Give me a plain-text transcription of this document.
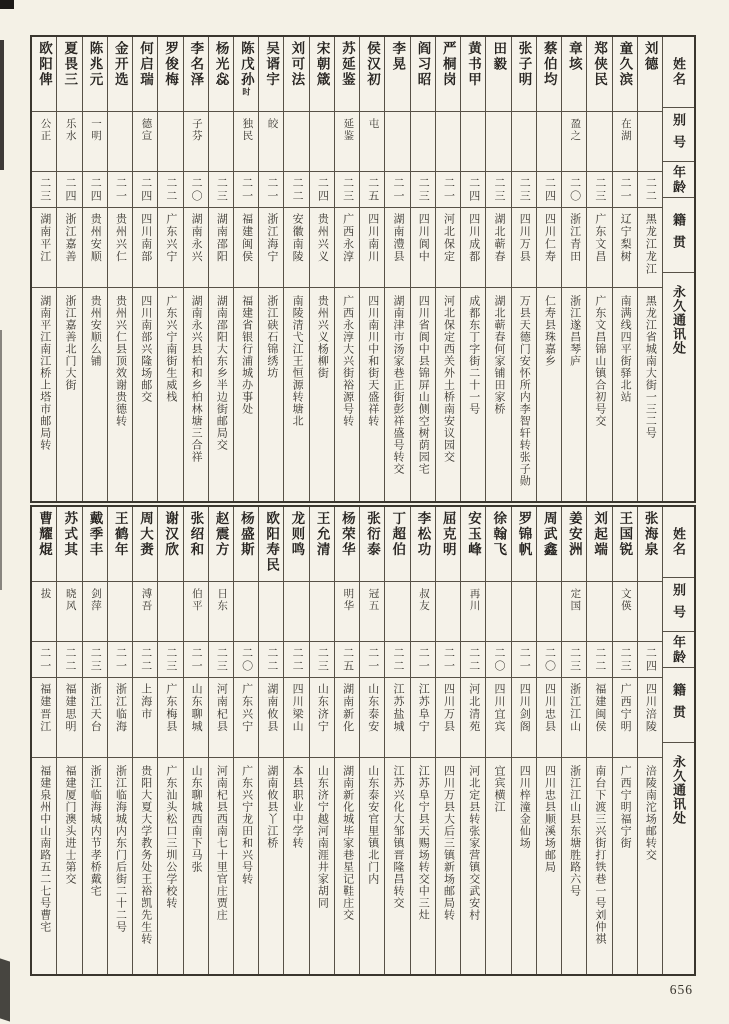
姓名
别号
年龄
籍贯
永久通讯处
刘德
二二
黑龙江龙江
黑龙江省城南大街一三二号
童久滨
在湖
二一
辽宁梨树
南满线四平街驿北站
郑侠民
二三
广东文昌
广东文昌锦山镇合初号交
章垓
盈之
二〇
浙江青田
浙江遂昌琴庐
蔡伯均
二四
四川仁寿
仁寿县珠嘉乡
张子明
二三
四川万县
万县天德门安怀所内李智轩转张子勋
田毅
二三
湖北蕲春
湖北蕲春何家铺田家桥
黄书甲
二四
四川成都
成都东丁字街二十一号
严桐岗
二一
河北保定
河北保定西关外土桥南安议园交
阎习昭
二三
四川阆中
四川省阆中县锦屏山侧空树荫园宅
李晃
二一
湖南澧县
湖南津市汤家巷正街彭祥盛号转交
侯汉初
屯
二五
四川南川
四川南川中和街天盛祥转
苏延鉴
延鉴
二三
广西永淳
广西永淳大兴街裕源号转
宋朝箴
二四
贵州兴义
贵州兴义杨柳街
刘可法
二二
安徽南陵
南陵清弋江王恒源转塘北
吴谞宇
皎
二一
浙江海宁
浙江硖石锦绣坊
陈戊孙时
独民
二一
福建闽侯
福建省银行浦城办事处
杨光惢
二三
湖南邵阳
湖南邵阳大东乡半边街邮局交
李名泽
子芬
二〇
湖南永兴
湖南永兴县柏和乡柏林塘三合祥
罗俊梅
二二
广东兴宁
广东兴宁南街生威栈
何启瑞
德宣
二四
四川南部
四川南部兴隆场邮交
金开选
二一
贵州兴仁
贵州兴仁县顶效谢贵德转
陈兆元
一明
二四
贵州安顺
贵州安顺么铺
夏畏三
乐水
二四
浙江嘉善
浙江嘉善北门大街
欧阳俾
公正
二三
湖南平江
湖南平江南江桥上塔市邮局转
姓名
别号
年龄
籍贯
永久通讯处
张海泉
二四
四川涪陵
涪陵南沱场邮转交
王国锐
文偀
二三
广西宁明
广西宁明福宁街
刘起端
二二
福建闽侯
南台下渡三兴街打铁巷一号刘仲祺
姜安洲
定国
二三
浙江江山
浙江江山县东塘胜路六号
周武鑫
二〇
四川忠县
四川忠县顺溪场邮局
罗锦帆
二一
四川剑阁
四川梓潼金仙场
徐翰飞
二〇
四川宜宾
宜宾横江
安玉峰
再川
二二
河北清苑
河北定县转张家营镇交武安村
屈克明
二一
四川万县
四川万县大后三镇新场邮局转
李松功
叔友
二一
江苏阜宁
江苏阜宁县天赐场转交中三灶
丁超伯
二二
江苏盐城
江苏兴化大邹镇晋隆昌转交
张衍泰
冠五
二一
山东泰安
山东泰安官里镇北门内
杨荣华
明华
二五
湖南新化
湖南新化城毕家巷星记鞋庄交
王允清
二三
山东济宁
山东济宁越河南涯井家胡同
龙则鸣
二二
四川梁山
本县职业中学转
欧阳寿民
二二
湖南攸县
湖南攸县丫江桥
杨盛斯
二〇
广东兴宁
广东兴宁龙田和兴号转
赵震方
日东
二三
河南杞县
河南杞县西南七十里官庄贾庄
张绍和
伯平
二一
山东聊城
山东聊城西南下马张
谢汉欣
二三
广东梅县
广东汕头松口三圳公学校转
周大赉
溥吾
二二
上海市
贵阳大夏大学教务处王裕凯先生转
王鹤年
二一
浙江临海
浙江临海城内东门后街二十二号
戴季丰
剑萍
二三
浙江天台
浙江临海城内节孝桥戴宅
苏式其
晓风
二二
福建思明
福建厦门澳头进士第交
曹耀焜
拔
二一
福建晋江
福建泉州中山南路五二七号曹宅
656
